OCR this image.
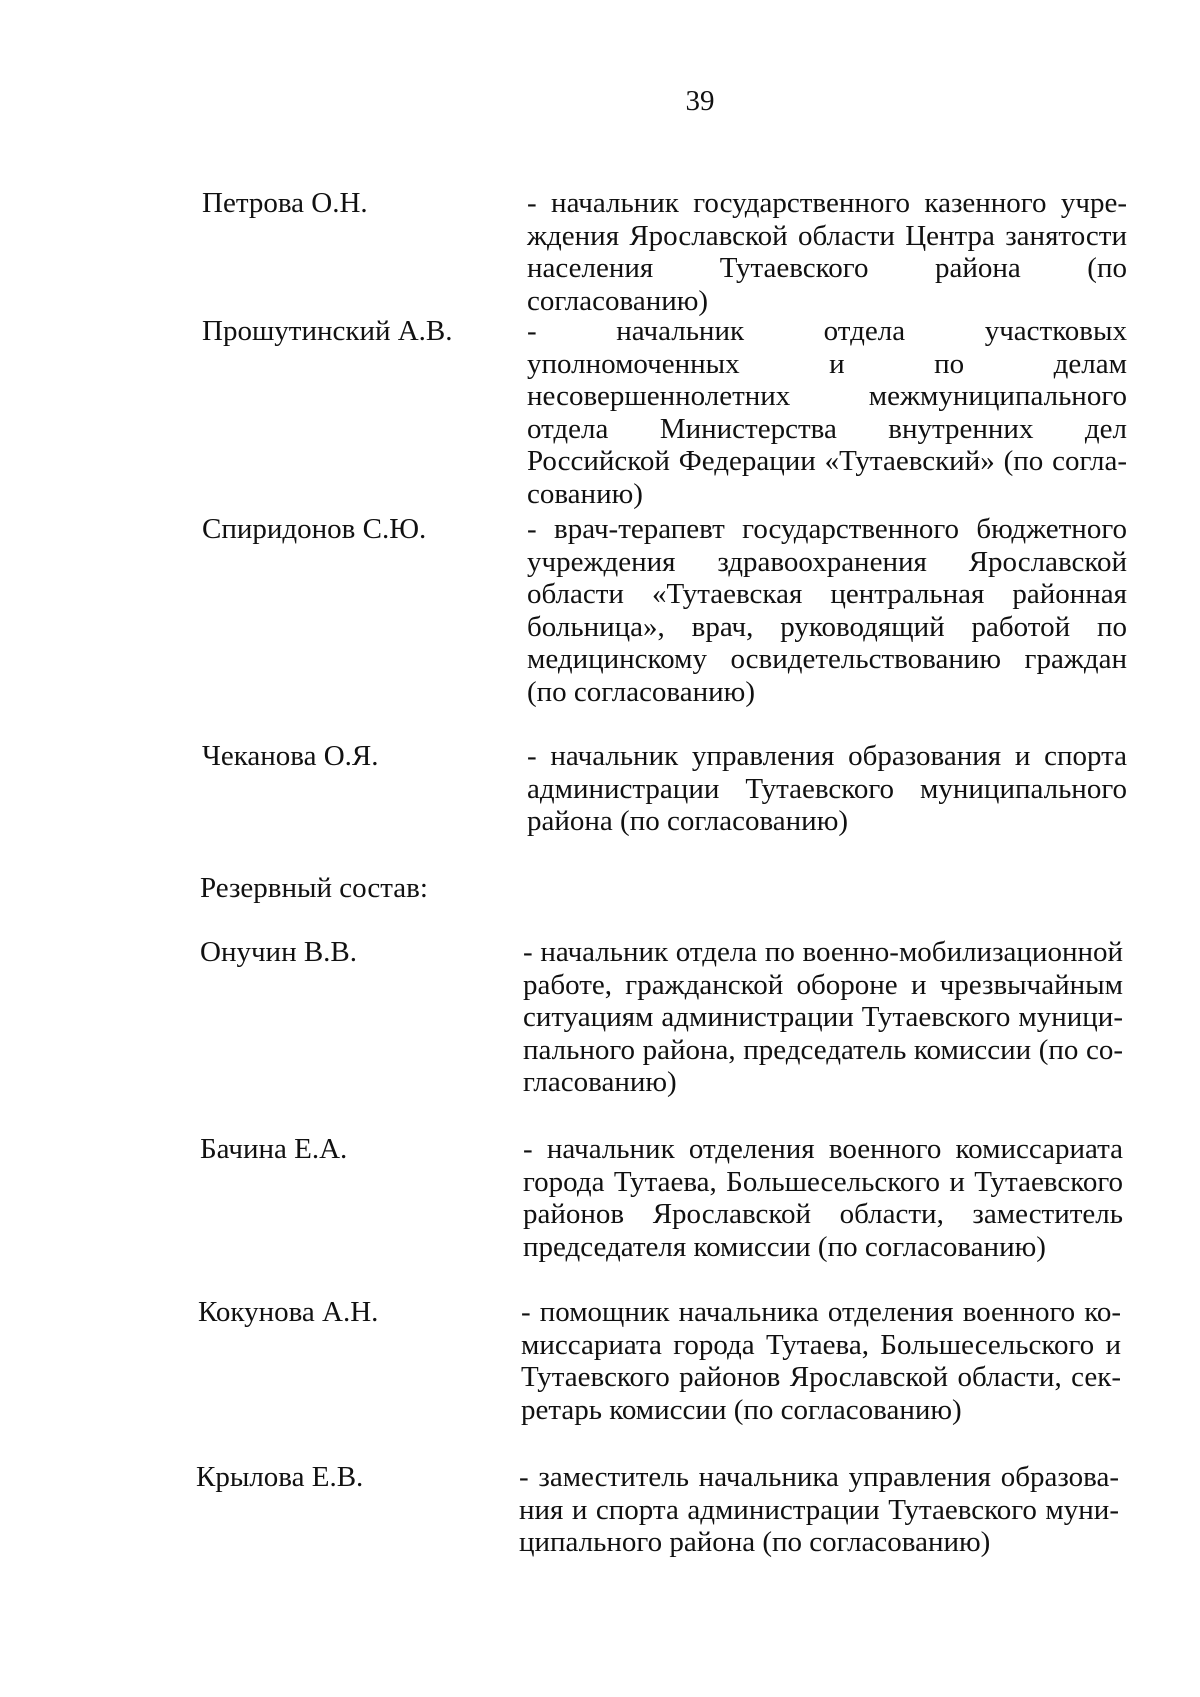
39
Петрова О.Н.	- начальник государственного казенного учреждения Ярославской области Центра занятости населения Тутаевского района (по согласованию)
Прошутинский А.В.	- начальник отдела участковых уполномоченных и по делам несовершеннолетних межмуниципального отдела Министерства внутренних дел Российской Федерации «Тутаевский» (по согласованию)
Спиридонов С.Ю.	- врач-терапевт государственного бюджетного учреждения здравоохранения Ярославской области «Тутаевская центральная районная больница», врач, руководящий работой по медицинскому освидетельствованию граждан (по согласованию)
Чеканова О.Я.	- начальник управления образования и спорта администрации Тутаевского муниципального района (по согласованию)
Резервный состав:
Онучин В.В.	- начальник отдела по военно-мобилизационной работе, гражданской обороне и чрезвычайным ситуациям администрации Тутаевского муниципального района, председатель комиссии (по согласованию)
Бачина Е.А.	- начальник отделения военного комиссариата города Тутаева, Большесельского и Тутаевского районов Ярославской области, заместитель председателя комиссии (по согласованию)
Кокунова А.Н.	- помощник начальника отделения военного комиссариата города Тутаева, Большесельского и Тутаевского районов Ярославской области, секретарь комиссии (по согласованию)
Крылова Е.В.	- заместитель начальника управления образования и спорта администрации Тутаевского муниципального района (по согласованию)
